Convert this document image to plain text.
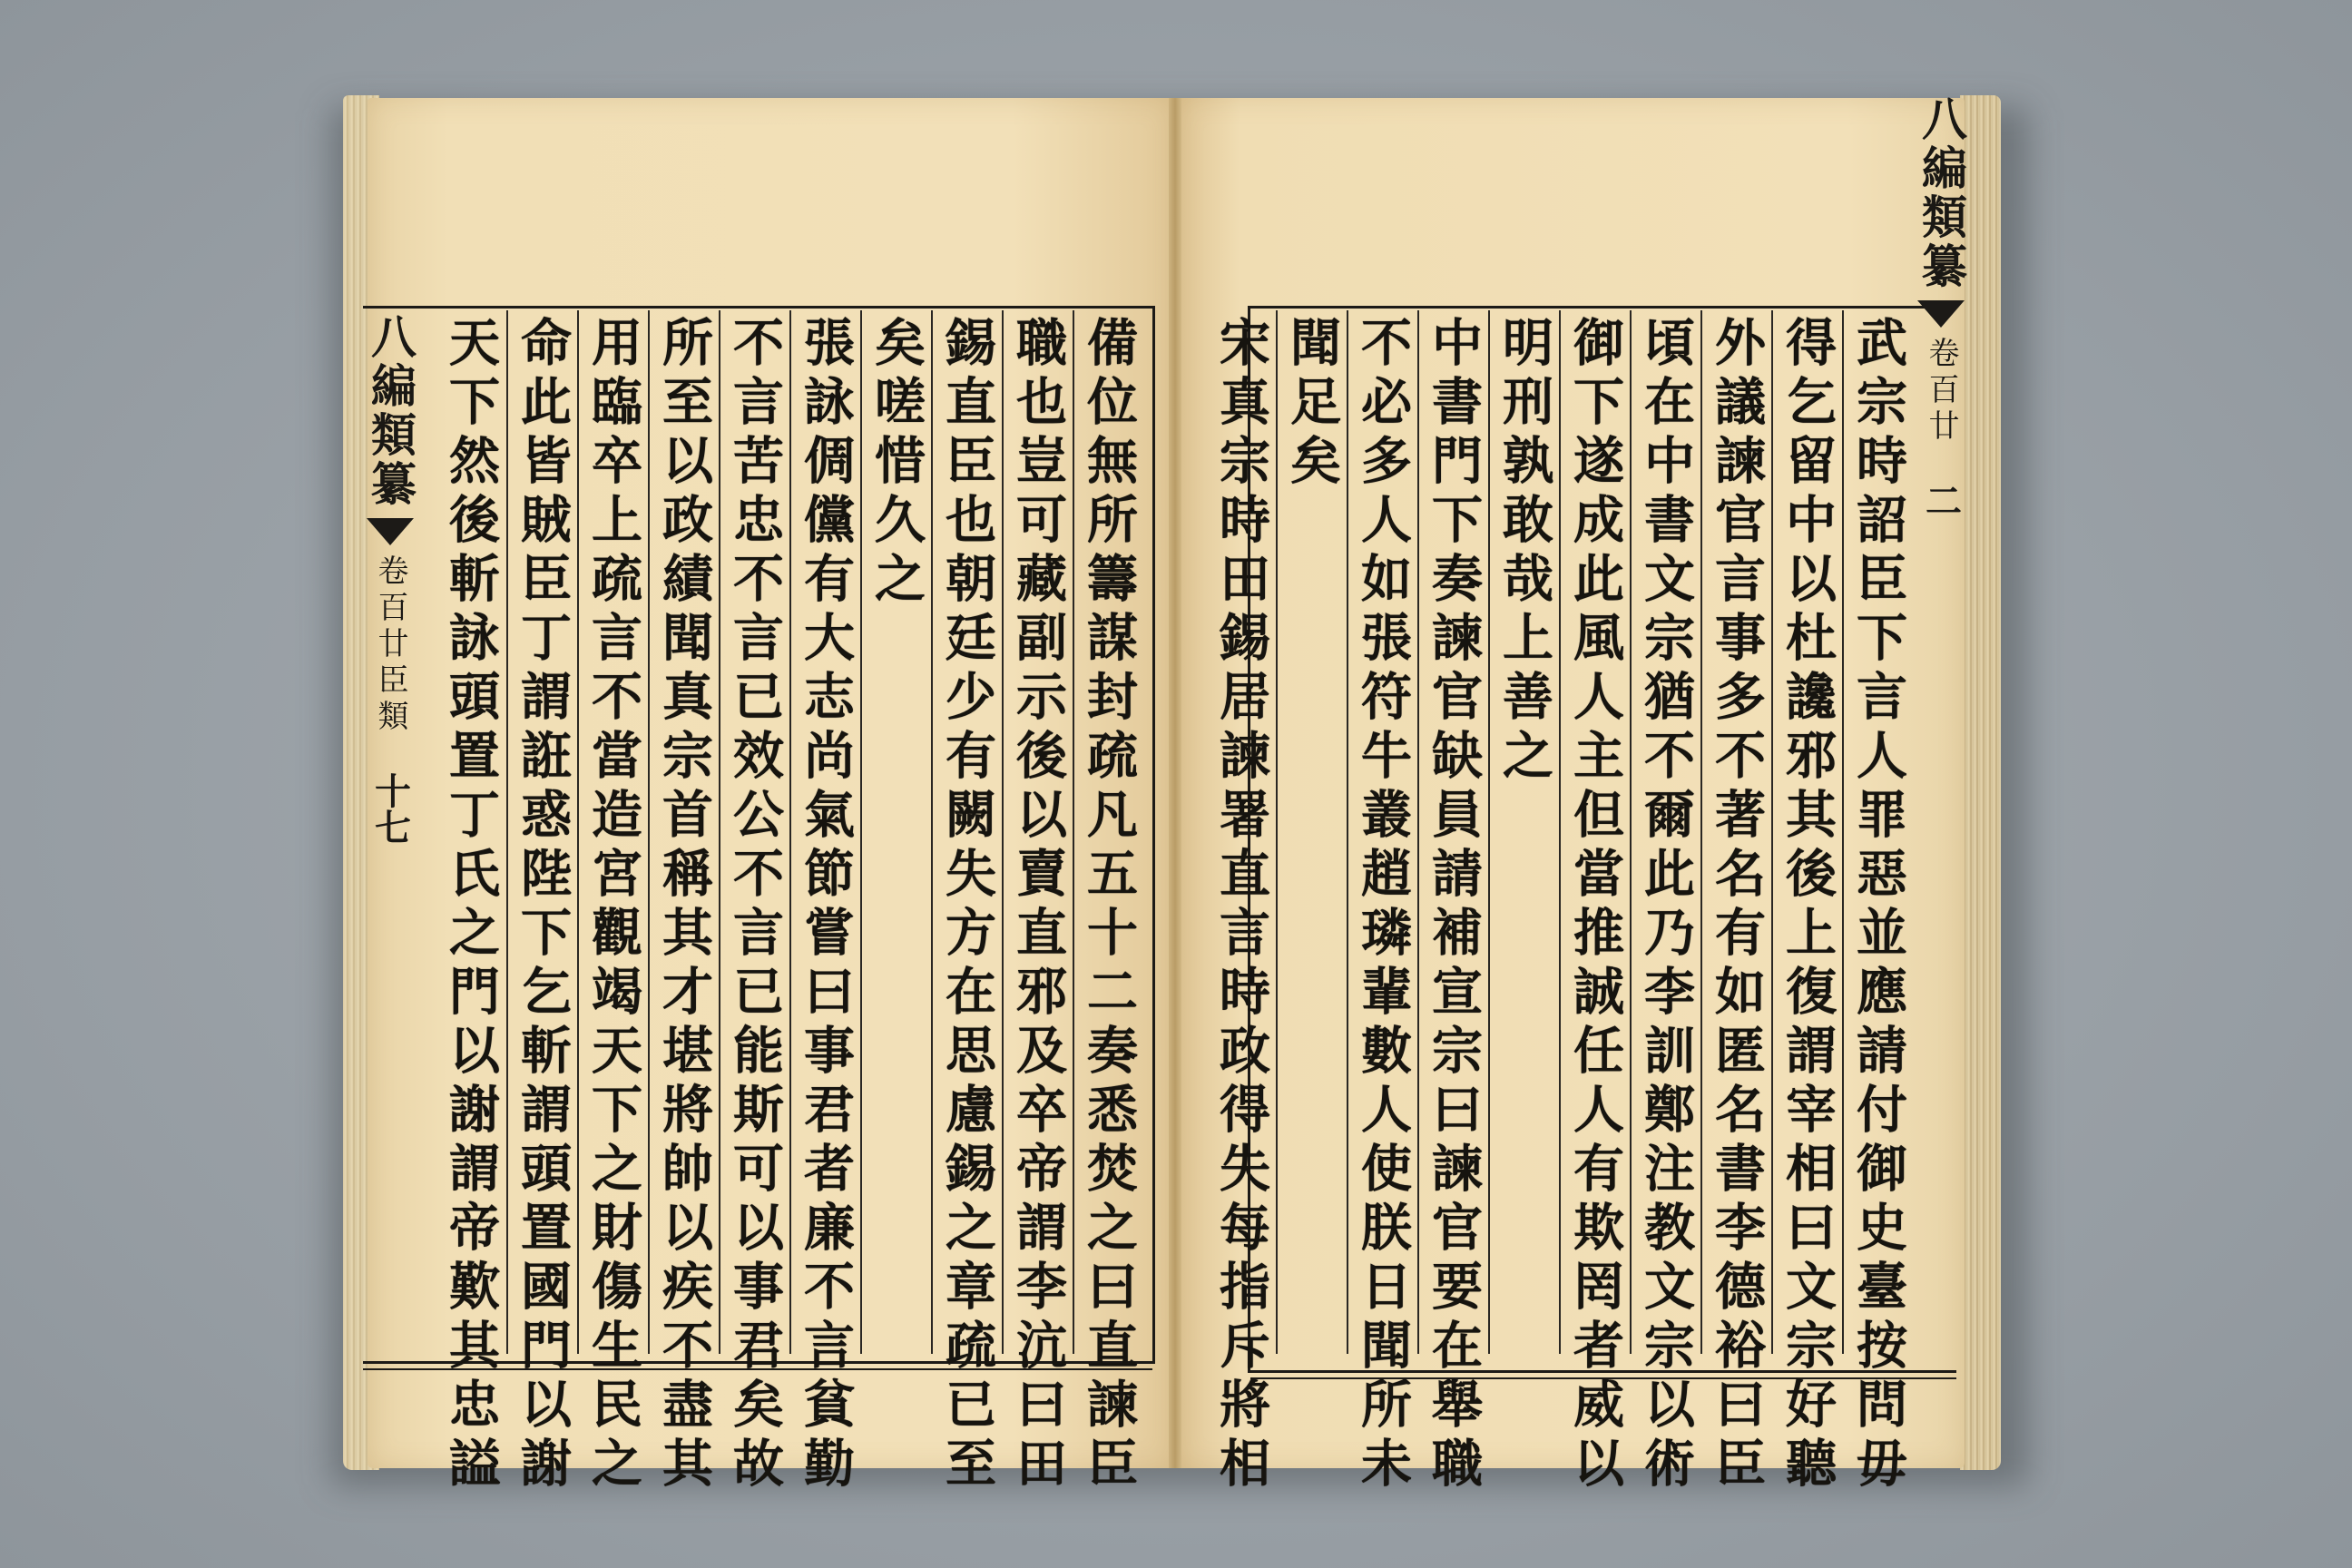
八編類纂
卷百廿
臣類
十七
八編類纂
卷百廿
二
備位無所籌謀封疏凡五十二奏悉焚之曰直諫臣
職也豈可藏副示後以賣直邪及卒帝謂李沆曰田
錫直臣也朝廷少有闕失方在思慮錫之章疏已至
矣嗟惜久之
張詠倜儻有大志尚氣節嘗曰事君者廉不言貧勤
不言苦忠不言已效公不言已能斯可以事君矣故
所至以政績聞真宗首稱其才堪將帥以疾不盡其
用臨卒上疏言不當造宮觀竭天下之財傷生民之
命此皆賊臣丁謂誑惑陛下乞斬謂頭置國門以謝
天下然後斬詠頭置丁氏之門以謝謂帝歎其忠謚	武宗時詔臣下言人罪惡並應請付御史臺按問毋
得乞留中以杜讒邪其後上復謂宰相曰文宗好聽
外議諫官言事多不著名有如匿名書李德裕曰臣
頃在中書文宗猶不爾此乃李訓鄭注教文宗以術
御下遂成此風人主但當推誠任人有欺罔者威以
明刑孰敢哉上善之
中書門下奏諫官缺員請補宣宗曰諫官要在舉職
不必多人如張符牛叢趙璘輩數人使朕日聞所未
聞足矣
宋真宗時田錫居諫署直言時政得失每指斥將相
